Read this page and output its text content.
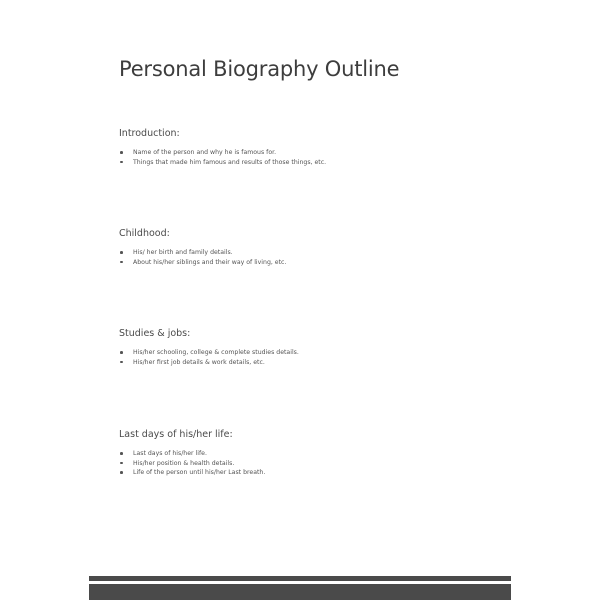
Personal Biography Outline
Introduction:
Name of the person and why he is famous for.
Things that made him famous and results of those things, etc.
Childhood:
His/ her birth and family details.
About his/her siblings and their way of living, etc.
Studies & jobs:
His/her schooling, college & complete studies details.
His/her first job details & work details, etc.
Last days of his/her life:
Last days of his/her life.
His/her position & health details.
Life of the person until his/her Last breath.
